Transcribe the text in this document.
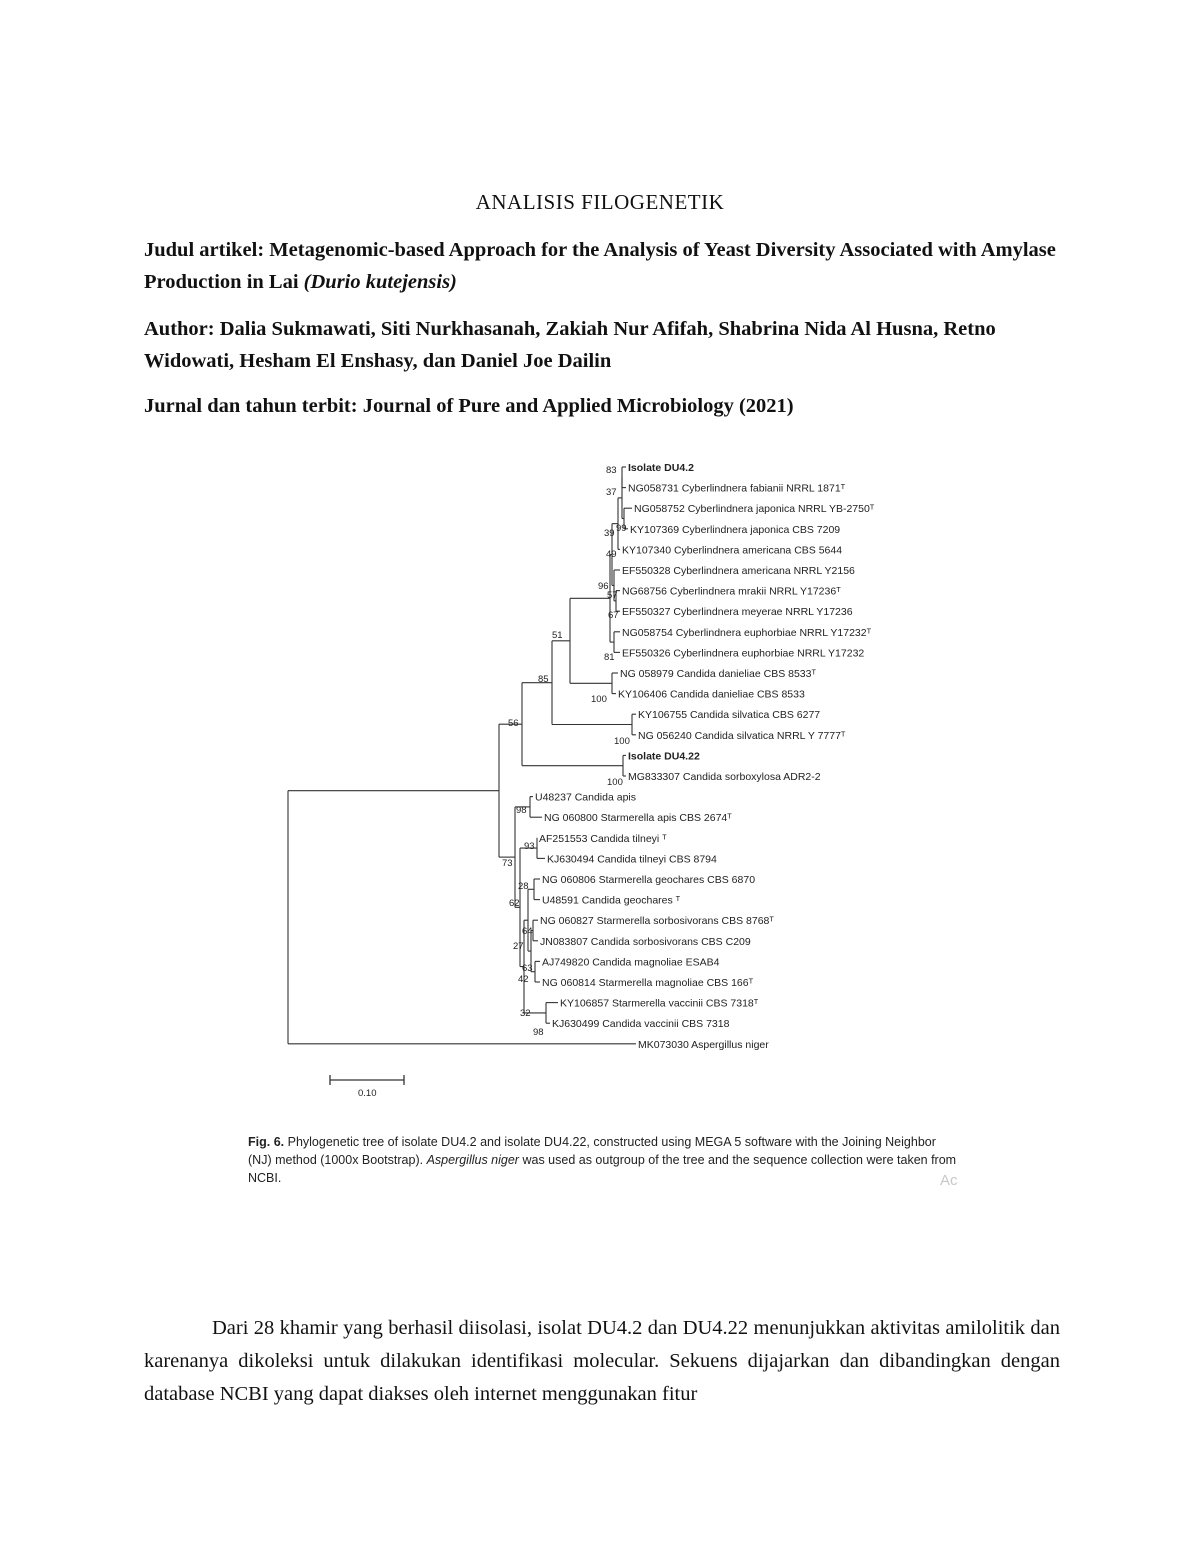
ANALISIS FILOGENETIK
Judul artikel: Metagenomic-based Approach for the Analysis of Yeast Diversity Associated with Amylase Production in Lai (Durio kutejensis)
Author: Dalia Sukmawati, Siti Nurkhasanah, Zakiah Nur Afifah, Shabrina Nida Al Husna, Retno Widowati, Hesham El Enshasy, dan Daniel Joe Dailin
Jurnal dan tahun terbit: Journal of Pure and Applied Microbiology (2021)
Isolate DU4.2
NG058731 Cyberlindnera fabianii NRRL 1871ᵀ
NG058752 Cyberlindnera japonica NRRL YB-2750ᵀ
KY107369 Cyberlindnera japonica CBS 7209
KY107340 Cyberlindnera americana CBS 5644
EF550328 Cyberlindnera americana NRRL Y2156
NG68756 Cyberlindnera mrakii NRRL Y17236ᵀ
EF550327 Cyberlindnera meyerae NRRL Y17236
NG058754 Cyberlindnera euphorbiae NRRL Y17232ᵀ
EF550326 Cyberlindnera euphorbiae NRRL Y17232
NG 058979 Candida danieliae CBS 8533ᵀ
KY106406 Candida danieliae CBS 8533
KY106755 Candida silvatica CBS 6277
NG 056240 Candida silvatica NRRL Y 7777ᵀ
Isolate DU4.22
MG833307 Candida sorboxylosa ADR2-2
U48237 Candida apis
NG 060800 Starmerella apis CBS 2674ᵀ
AF251553 Candida tilneyi ᵀ
KJ630494 Candida tilneyi CBS 8794
NG 060806 Starmerella geochares CBS 6870
U48591 Candida geochares ᵀ
NG 060827 Starmerella sorbosivorans CBS 8768ᵀ
JN083807 Candida sorbosivorans CBS C209
AJ749820 Candida magnoliae ESAB4
NG 060814 Starmerella magnoliae CBS 166ᵀ
KY106857 Starmerella vaccinii CBS 7318ᵀ
KJ630499 Candida vaccinii CBS 7318
MK073030 Aspergillus niger
83
37
39 99
49
96
57
67
51
81
85
100
56
100
100
98
93
73
28
62
64
27
63
42
32
98
0.10
Fig. 6. Phylogenetic tree of isolate DU4.2 and isolate DU4.22, constructed using MEGA 5 software with the Joining Neighbor (NJ) method (1000x Bootstrap). Aspergillus niger was used as outgroup of the tree and the sequence collection were taken from NCBI.	Ac
Dari 28 khamir yang berhasil diisolasi, isolat DU4.2 dan DU4.22 menunjukkan aktivitas amilolitik dan karenanya dikoleksi untuk dilakukan identifikasi molecular. Sekuens dijajarkan dan dibandingkan dengan database NCBI yang dapat diakses oleh internet menggunakan fitur
